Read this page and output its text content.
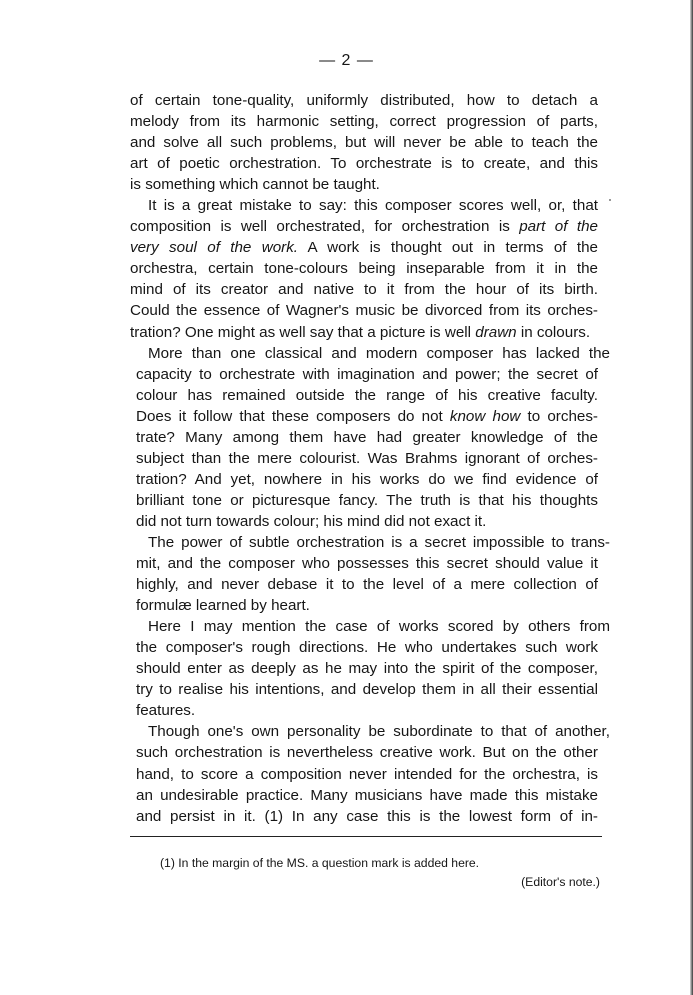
— 2 —
of certain tone-quality, uniformly distributed, how to detach a
melody from its harmonic setting, correct progression of parts,
and solve all such problems, but will never be able to teach the
art of poetic orchestration. To orchestrate is to create, and this
is something which cannot be taught.
It is a great mistake to say: this composer scores well, or, that
composition is well orchestrated, for orchestration is part of the
very soul of the work. A work is thought out in terms of the
orchestra, certain tone-colours being inseparable from it in the
mind of its creator and native to it from the hour of its birth.
Could the essence of Wagner's music be divorced from its orches-
tration? One might as well say that a picture is well drawn in colours.
More than one classical and modern composer has lacked the
capacity to orchestrate with imagination and power; the secret of
colour has remained outside the range of his creative faculty.
Does it follow that these composers do not know how to orches-
trate? Many among them have had greater knowledge of the
subject than the mere colourist. Was Brahms ignorant of orches-
tration? And yet, nowhere in his works do we find evidence of
brilliant tone or picturesque fancy. The truth is that his thoughts
did not turn towards colour; his mind did not exact it.
The power of subtle orchestration is a secret impossible to trans-
mit, and the composer who possesses this secret should value it
highly, and never debase it to the level of a mere collection of
formulæ learned by heart.
Here I may mention the case of works scored by others from
the composer's rough directions. He who undertakes such work
should enter as deeply as he may into the spirit of the composer,
try to realise his intentions, and develop them in all their essential
features.
Though one's own personality be subordinate to that of another,
such orchestration is nevertheless creative work. But on the other
hand, to score a composition never intended for the orchestra, is
an undesirable practice. Many musicians have made this mistake
and persist in it. (1) In any case this is the lowest form of in-
(1) In the margin of the MS. a question mark is added here.
(Editor's note.)
